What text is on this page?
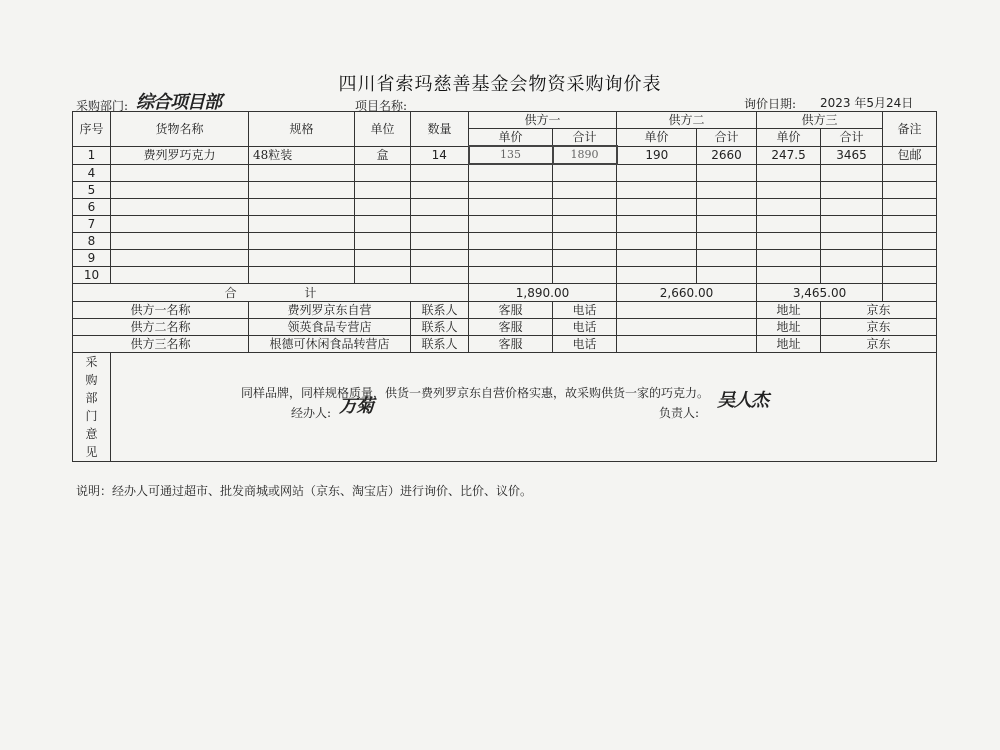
四川省索玛慈善基金会物资采购询价表
采购部门: 综合项目部	项目名称:	询价日期: 2023 年5月24日
序号	货物名称	规格	单位	数量	供方一		供方二		供方三		备注
					单价	合计	单价	合计	单价	合计	
1	费列罗巧克力	48粒装	盒	14	135	1890	190	2660	247.5	3465	包邮
4											
5											
6											
7											
8											
9											
10											
合 计					1,890.00		2,660.00		3,465.00		
供方一名称		费列罗京东自营		联系人	客服	电话			地址	京东	
供方二名称		领英食品专营店		联系人	客服	电话			地址	京东	
供方三名称		根德可休闲食品转营店		联系人	客服	电话			地址	京东	
采购部门意见	同样品牌，同样规格质量，供货一费列罗京东自营价格实惠，故采购供货一家的巧克力。
经办人: 万菊 负责人:
吴人杰										
说明：经办人可通过超市、批发商城或网站（京东、淘宝店）进行询价、比价、议价。
